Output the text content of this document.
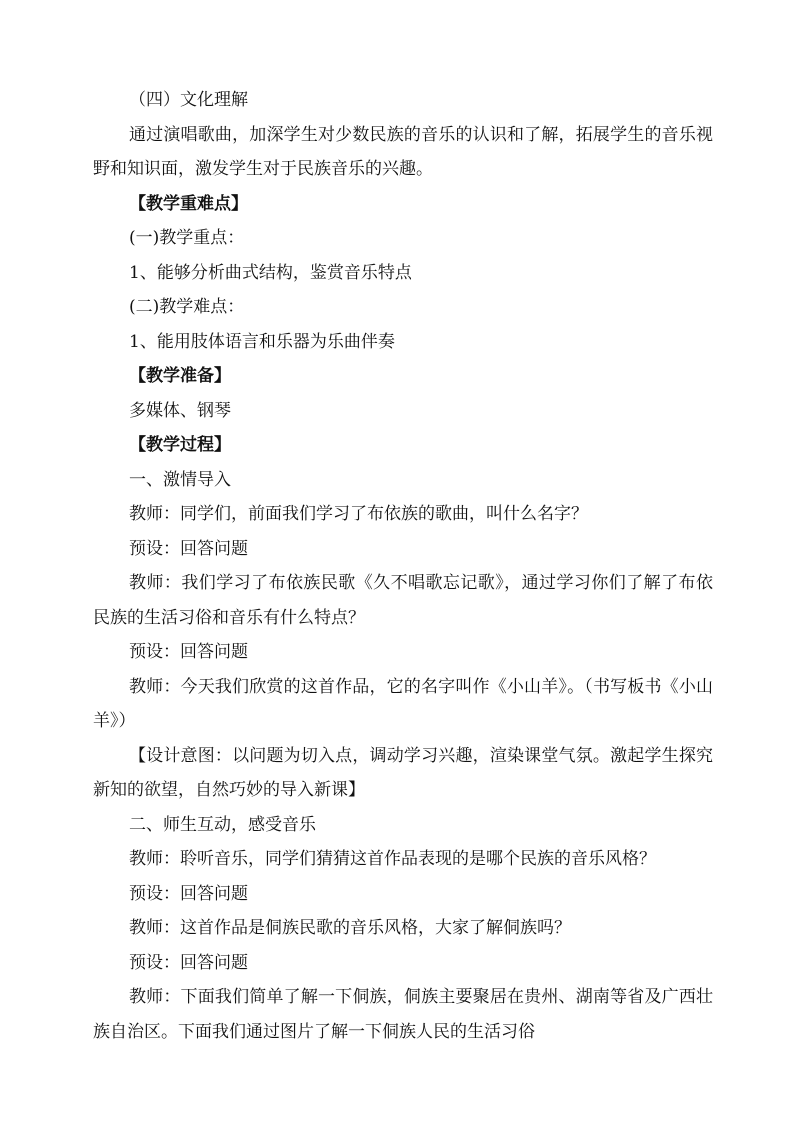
（四）文化理解

通过演唱歌曲，加深学生对少数民族的音乐的认识和了解，拓展学生的音乐视野和知识面，激发学生对于民族音乐的兴趣。

【教学重难点】
(一)教学重点：
1、能够分析曲式结构，鉴赏音乐特点
(二)教学难点：
1、能用肢体语言和乐器为乐曲伴奏
【教学准备】
多媒体、钢琴
【教学过程】
一、激情导入
教师：同学们，前面我们学习了布依族的歌曲，叫什么名字？
预设：回答问题

教师：我们学习了布依族民歌《久不唱歌忘记歌》，通过学习你们了解了布依民族的生活习俗和音乐有什么特点？

预设：回答问题

教师：今天我们欣赏的这首作品，它的名字叫作《小山羊》。（书写板书《小山羊》）

【设计意图：以问题为切入点，调动学习兴趣，渲染课堂气氛。激起学生探究新知的欲望，自然巧妙的导入新课】

二、师生互动，感受音乐
教师：聆听音乐，同学们猜猜这首作品表现的是哪个民族的音乐风格？
预设：回答问题
教师：这首作品是侗族民歌的音乐风格，大家了解侗族吗？
预设：回答问题

教师：下面我们简单了解一下侗族，侗族主要聚居在贵州、湖南等省及广西壮族自治区。下面我们通过图片了解一下侗族人民的生活习俗
